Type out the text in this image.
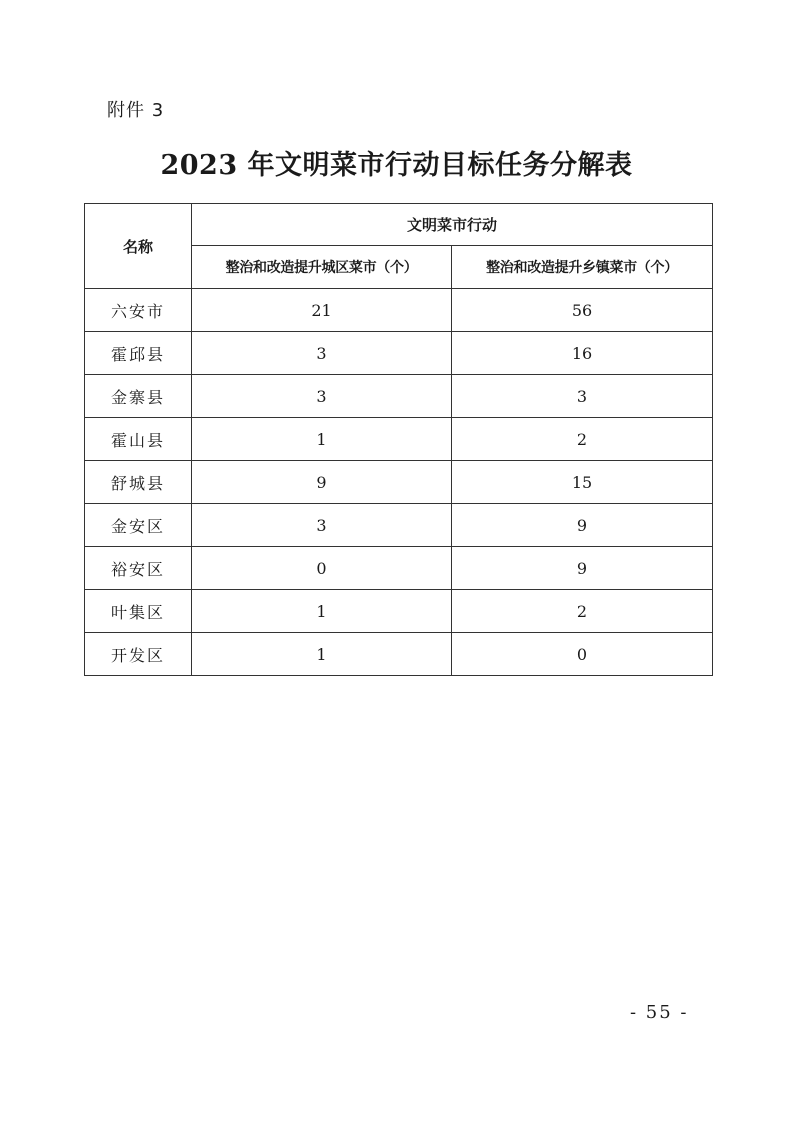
附件 3
2023 年文明菜市行动目标任务分解表
名称	文明菜市行动	
	整治和改造提升城区菜市（个）	整治和改造提升乡镇菜市（个）
六安市	21	56
霍邱县	3	16
金寨县	3	3
霍山县	1	2
舒城县	9	15
金安区	3	9
裕安区	0	9
叶集区	1	2
开发区	1	0
- 55 -
